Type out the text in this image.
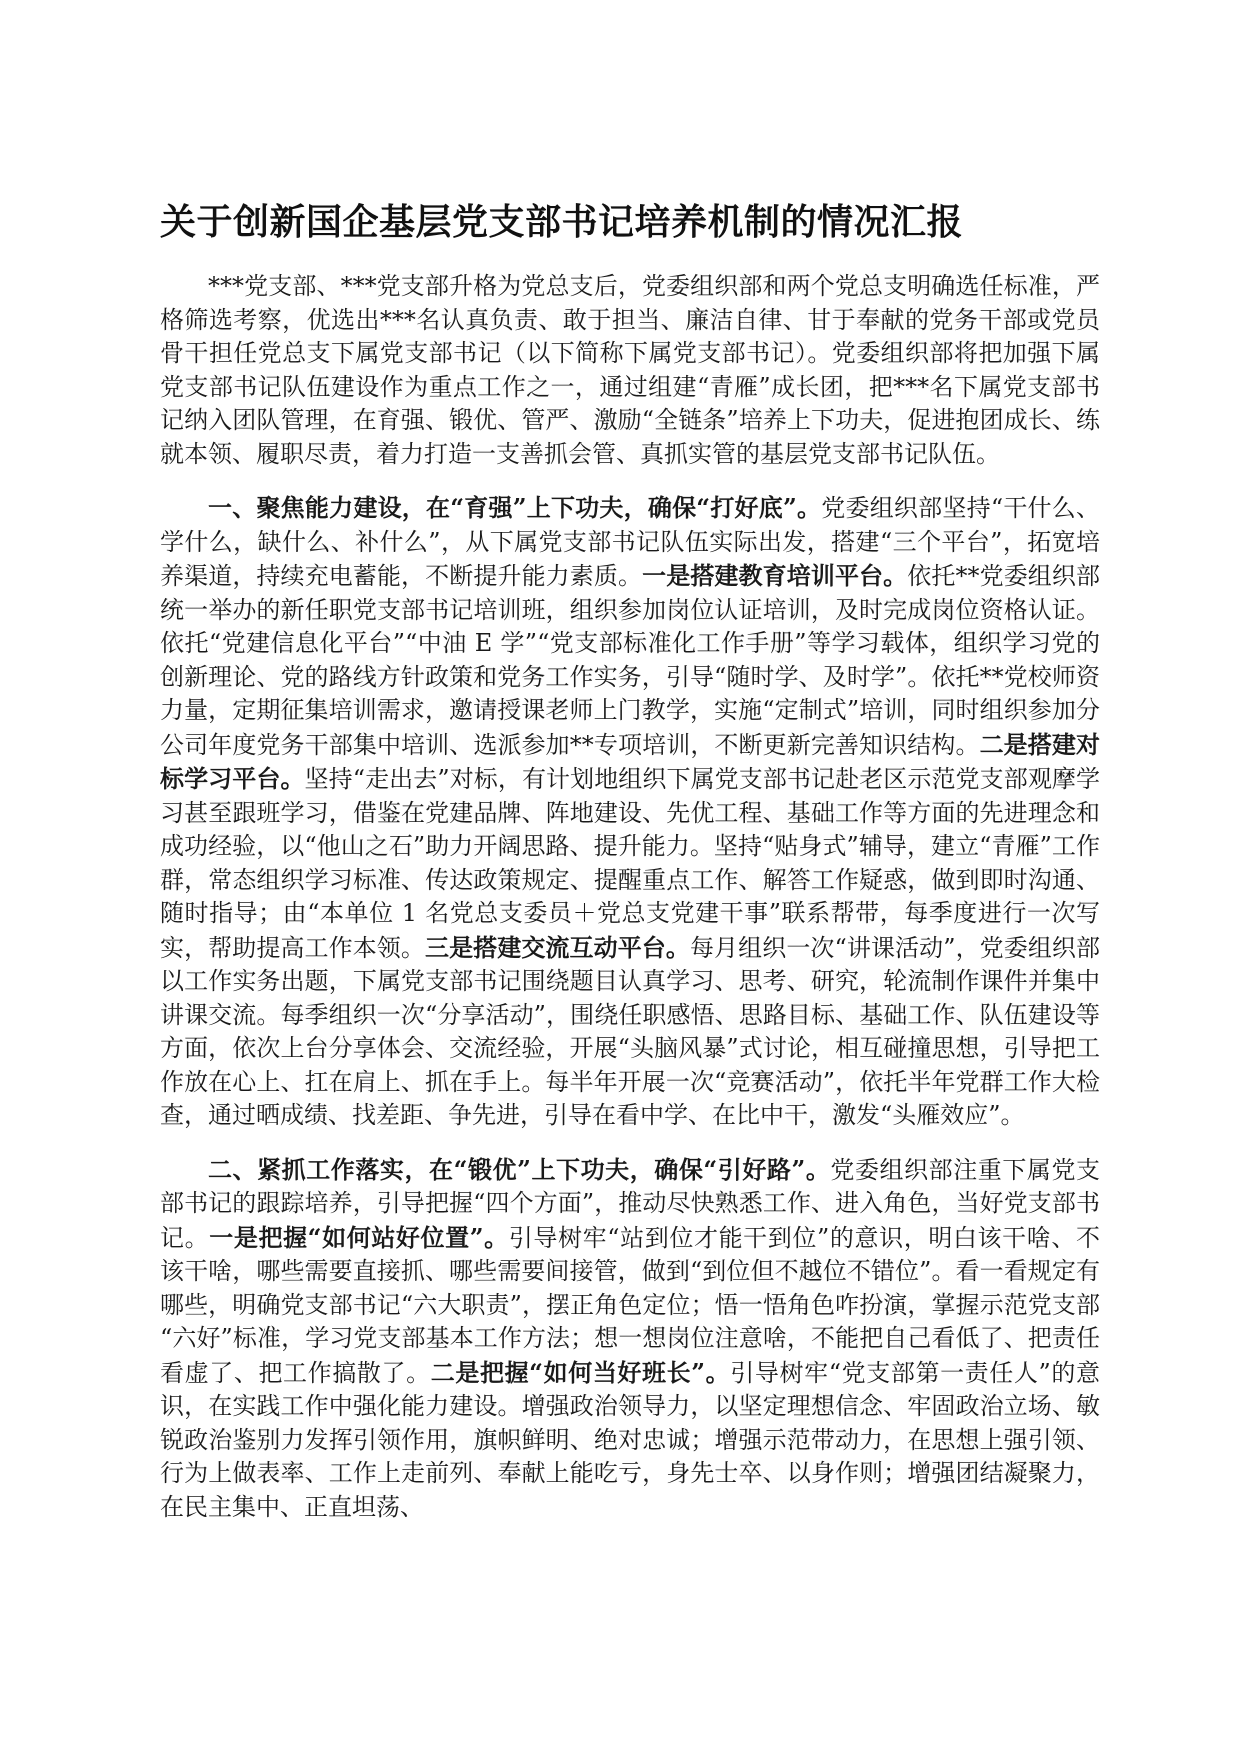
关于创新国企基层党支部书记培养机制的情况汇报

***党支部、***党支部升格为党总支后，党委组织部和两个党总支明确选任标准，严格筛选考察，优选出***名认真负责、敢于担当、廉洁自律、甘于奉献的党务干部或党员骨干担任党总支下属党支部书记（以下简称下属党支部书记）。党委组织部将把加强下属党支部书记队伍建设作为重点工作之一，通过组建“青雁”成长团，把***名下属党支部书记纳入团队管理，在育强、锻优、管严、激励“全链条”培养上下功夫，促进抱团成长、练就本领、履职尽责，着力打造一支善抓会管、真抓实管的基层党支部书记队伍。

一、聚焦能力建设，在“育强”上下功夫，确保“打好底”。党委组织部坚持“干什么、学什么，缺什么、补什么”，从下属党支部书记队伍实际出发，搭建“三个平台”，拓宽培养渠道，持续充电蓄能，不断提升能力素质。一是搭建教育培训平台。依托**党委组织部统一举办的新任职党支部书记培训班，组织参加岗位认证培训，及时完成岗位资格认证。依托“党建信息化平台”“中油 E 学”“党支部标准化工作手册”等学习载体，组织学习党的创新理论、党的路线方针政策和党务工作实务，引导“随时学、及时学”。依托**党校师资力量，定期征集培训需求，邀请授课老师上门教学，实施“定制式”培训，同时组织参加分公司年度党务干部集中培训、选派参加**专项培训，不断更新完善知识结构。二是搭建对标学习平台。坚持“走出去”对标，有计划地组织下属党支部书记赴老区示范党支部观摩学习甚至跟班学习，借鉴在党建品牌、阵地建设、先优工程、基础工作等方面的先进理念和成功经验，以“他山之石”助力开阔思路、提升能力。坚持“贴身式”辅导，建立“青雁”工作群，常态组织学习标准、传达政策规定、提醒重点工作、解答工作疑惑，做到即时沟通、随时指导；由“本单位 1 名党总支委员＋党总支党建干事”联系帮带，每季度进行一次写实，帮助提高工作本领。三是搭建交流互动平台。每月组织一次“讲课活动”，党委组织部以工作实务出题，下属党支部书记围绕题目认真学习、思考、研究，轮流制作课件并集中讲课交流。每季组织一次“分享活动”，围绕任职感悟、思路目标、基础工作、队伍建设等方面，依次上台分享体会、交流经验，开展“头脑风暴”式讨论，相互碰撞思想，引导把工作放在心上、扛在肩上、抓在手上。每半年开展一次“竞赛活动”，依托半年党群工作大检查，通过晒成绩、找差距、争先进，引导在看中学、在比中干，激发“头雁效应”。

二、紧抓工作落实，在“锻优”上下功夫，确保“引好路”。党委组织部注重下属党支部书记的跟踪培养，引导把握“四个方面”，推动尽快熟悉工作、进入角色，当好党支部书记。一是把握“如何站好位置”。引导树牢“站到位才能干到位”的意识，明白该干啥、不该干啥，哪些需要直接抓、哪些需要间接管，做到“到位但不越位不错位”。看一看规定有哪些，明确党支部书记“六大职责”，摆正角色定位；悟一悟角色咋扮演，掌握示范党支部“六好”标准，学习党支部基本工作方法；想一想岗位注意啥，不能把自己看低了、把责任看虚了、把工作搞散了。二是把握“如何当好班长”。引导树牢“党支部第一责任人”的意识，在实践工作中强化能力建设。增强政治领导力，以坚定理想信念、牢固政治立场、敏锐政治鉴别力发挥引领作用，旗帜鲜明、绝对忠诚；增强示范带动力，在思想上强引领、行为上做表率、工作上走前列、奉献上能吃亏，身先士卒、以身作则；增强团结凝聚力，在民主集中、正直坦荡、
